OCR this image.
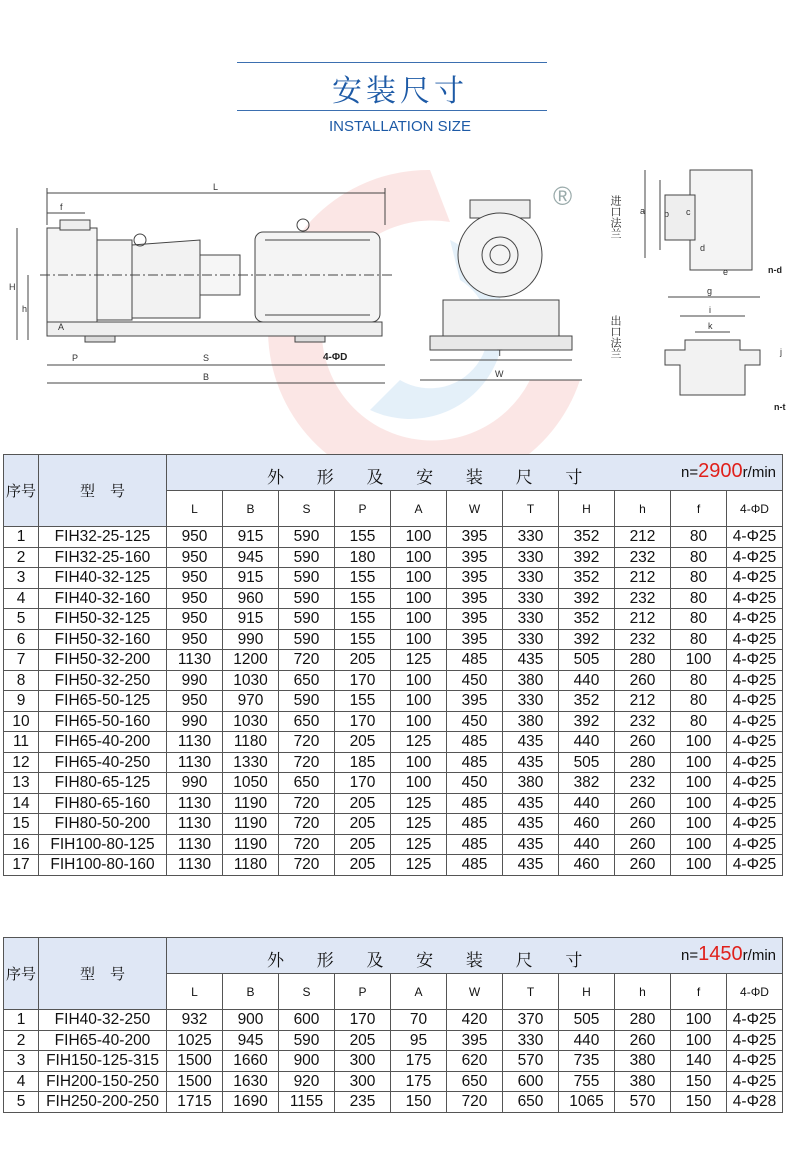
安装尺寸
INSTALLATION SIZE
L
f
H
h
A
P	S
B
4-ΦD	T
W
®	进口法兰 a b c
d
e	n-d
出口法兰
g
i
k
j
n-t
序号	型　号	外 形 及 安 装 尺 寸 n=2900r/min										

		L	B	S	P	A	W	T	H	h	f	4-ΦD
1	FIH32-25-125	950	915	590	155	100	395	330	352	212	80	4-Φ25
2	FIH32-25-160	950	945	590	180	100	395	330	392	232	80	4-Φ25
3	FIH40-32-125	950	915	590	155	100	395	330	352	212	80	4-Φ25
4	FIH40-32-160	950	960	590	155	100	395	330	392	232	80	4-Φ25
5	FIH50-32-125	950	915	590	155	100	395	330	352	212	80	4-Φ25
6	FIH50-32-160	950	990	590	155	100	395	330	392	232	80	4-Φ25
7	FIH50-32-200	1130	1200	720	205	125	485	435	505	280	100	4-Φ25
8	FIH50-32-250	990	1030	650	170	100	450	380	440	260	80	4-Φ25
9	FIH65-50-125	950	970	590	155	100	395	330	352	212	80	4-Φ25
10	FIH65-50-160	990	1030	650	170	100	450	380	392	232	80	4-Φ25
11	FIH65-40-200	1130	1180	720	205	125	485	435	440	260	100	4-Φ25
12	FIH65-40-250	1130	1330	720	185	100	485	435	505	280	100	4-Φ25
13	FIH80-65-125	990	1050	650	170	100	450	380	382	232	100	4-Φ25
14	FIH80-65-160	1130	1190	720	205	125	485	435	440	260	100	4-Φ25
15	FIH80-50-200	1130	1190	720	205	125	485	435	460	260	100	4-Φ25
16	FIH100-80-125	1130	1190	720	205	125	485	435	440	260	100	4-Φ25
17	FIH100-80-160	1130	1180	720	205	125	485	435	460	260	100	4-Φ25
序号	型　号	外 形 及 安 装 尺 寸 n=1450r/min										

		L	B	S	P	A	W	T	H	h	f	4-ΦD
1	FIH40-32-250	932	900	600	170	70	420	370	505	280	100	4-Φ25
2	FIH65-40-200	1025	945	590	205	95	395	330	440	260	100	4-Φ25
3	FIH150-125-315	1500	1660	900	300	175	620	570	735	380	140	4-Φ25
4	FIH200-150-250	1500	1630	920	300	175	650	600	755	380	150	4-Φ25
5	FIH250-200-250	1715	1690	1155	235	150	720	650	1065	570	150	4-Φ28
